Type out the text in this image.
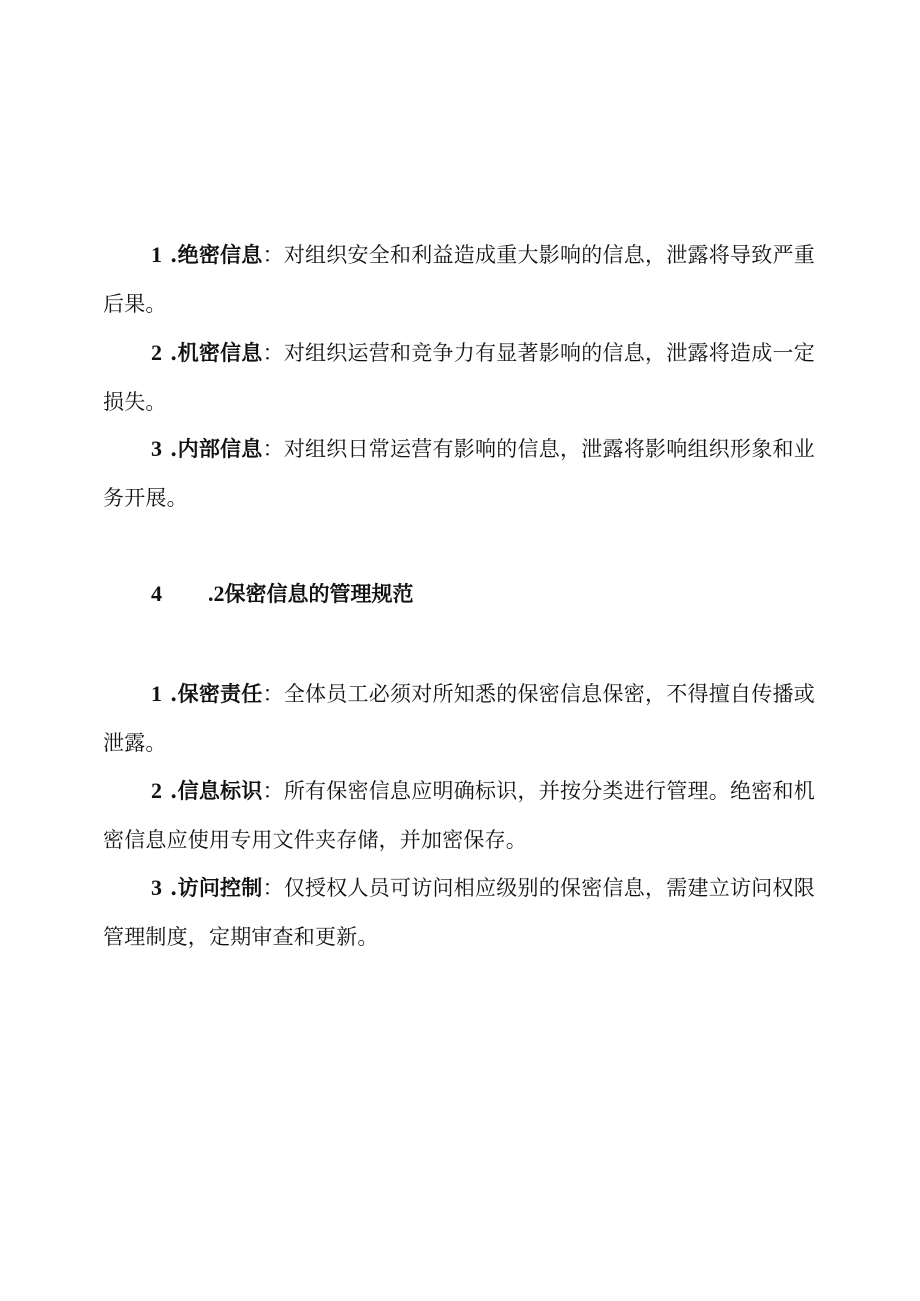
1 .绝密信息：对组织安全和利益造成重大影响的信息，泄露将导致严重后果。

2 .机密信息：对组织运营和竞争力有显著影响的信息，泄露将造成一定损失。

3 .内部信息：对组织日常运营有影响的信息，泄露将影响组织形象和业务开展。

4 .2保密信息的管理规范

1 .保密责任：全体员工必须对所知悉的保密信息保密，不得擅自传播或泄露。

2 .信息标识：所有保密信息应明确标识，并按分类进行管理。绝密和机密信息应使用专用文件夹存储，并加密保存。

3 .访问控制：仅授权人员可访问相应级别的保密信息，需建立访问权限管理制度，定期审查和更新。
